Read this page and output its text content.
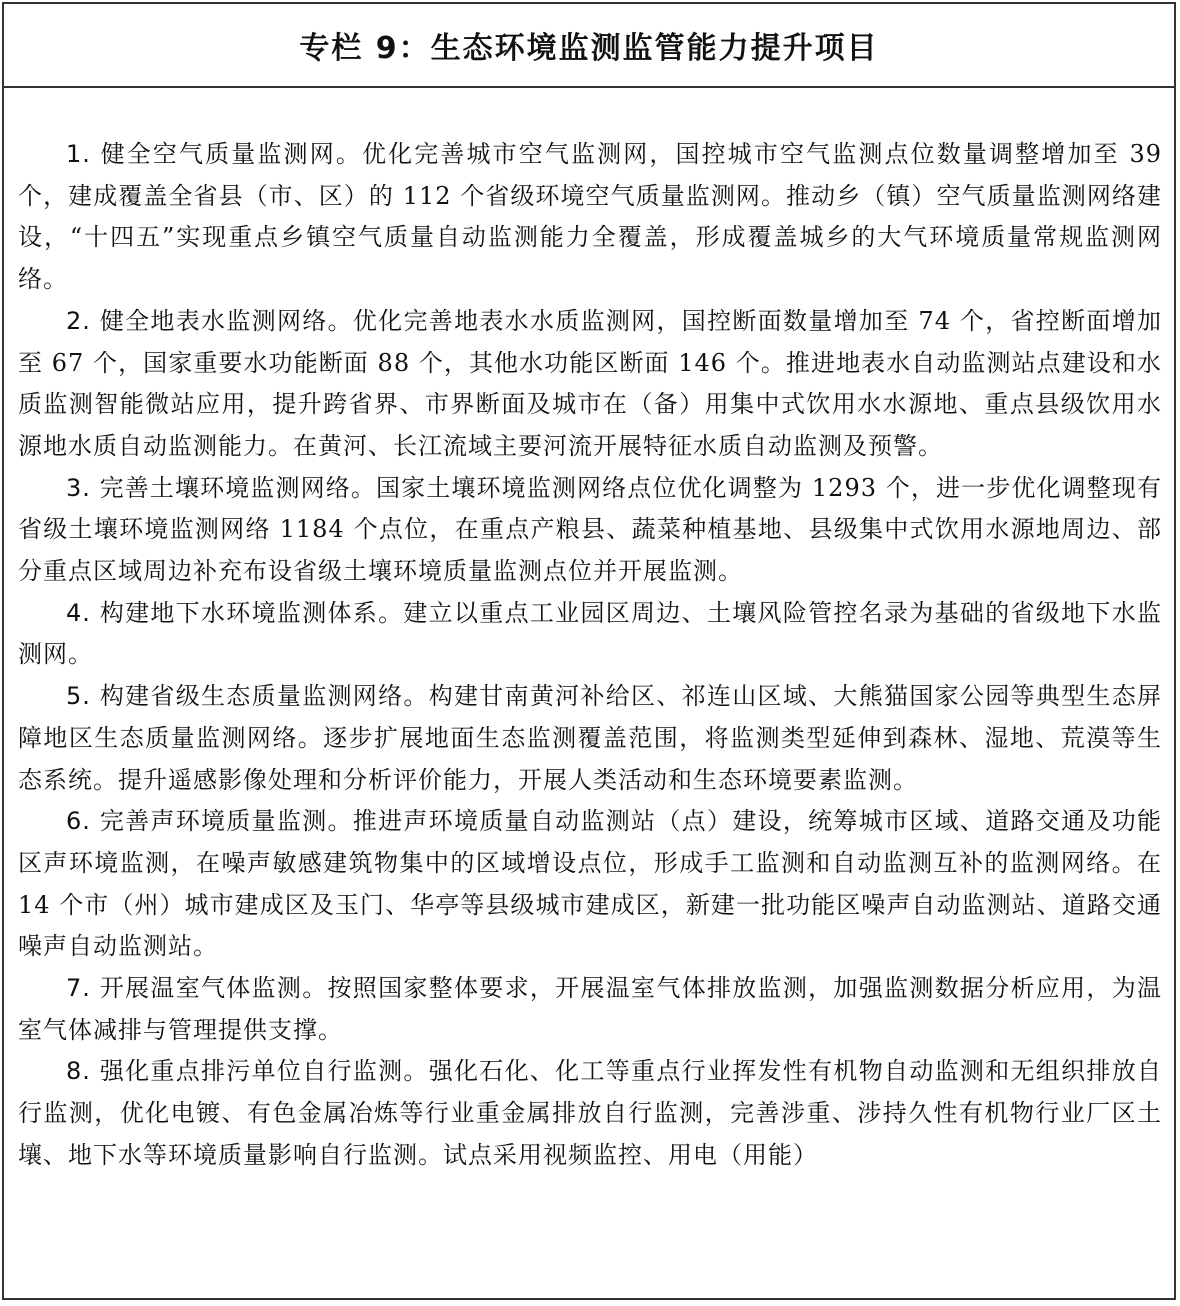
专栏 9：生态环境监测监管能力提升项目

1. 健全空气质量监测网。优化完善城市空气监测网，国控城市空气监测点位数量调整增加至 39 个，建成覆盖全省县（市、区）的 112 个省级环境空气质量监测网。推动乡（镇）空气质量监测网络建设，“十四五”实现重点乡镇空气质量自动监测能力全覆盖，形成覆盖城乡的大气环境质量常规监测网络。

2. 健全地表水监测网络。优化完善地表水水质监测网，国控断面数量增加至 74 个，省控断面增加至 67 个，国家重要水功能断面 88 个，其他水功能区断面 146 个。推进地表水自动监测站点建设和水质监测智能微站应用，提升跨省界、市界断面及城市在（备）用集中式饮用水水源地、重点县级饮用水源地水质自动监测能力。在黄河、长江流域主要河流开展特征水质自动监测及预警。

3. 完善土壤环境监测网络。国家土壤环境监测网络点位优化调整为 1293 个，进一步优化调整现有省级土壤环境监测网络 1184 个点位，在重点产粮县、蔬菜种植基地、县级集中式饮用水源地周边、部分重点区域周边补充布设省级土壤环境质量监测点位并开展监测。

4. 构建地下水环境监测体系。建立以重点工业园区周边、土壤风险管控名录为基础的省级地下水监测网。

5. 构建省级生态质量监测网络。构建甘南黄河补给区、祁连山区域、大熊猫国家公园等典型生态屏障地区生态质量监测网络。逐步扩展地面生态监测覆盖范围，将监测类型延伸到森林、湿地、荒漠等生态系统。提升遥感影像处理和分析评价能力，开展人类活动和生态环境要素监测。

6. 完善声环境质量监测。推进声环境质量自动监测站（点）建设，统筹城市区域、道路交通及功能区声环境监测，在噪声敏感建筑物集中的区域增设点位，形成手工监测和自动监测互补的监测网络。在 14 个市（州）城市建成区及玉门、华亭等县级城市建成区，新建一批功能区噪声自动监测站、道路交通噪声自动监测站。

7. 开展温室气体监测。按照国家整体要求，开展温室气体排放监测，加强监测数据分析应用，为温室气体减排与管理提供支撑。

8. 强化重点排污单位自行监测。强化石化、化工等重点行业挥发性有机物自动监测和无组织排放自行监测，优化电镀、有色金属冶炼等行业重金属排放自行监测，完善涉重、涉持久性有机物行业厂区土壤、地下水等环境质量影响自行监测。试点采用视频监控、用电（用能）
